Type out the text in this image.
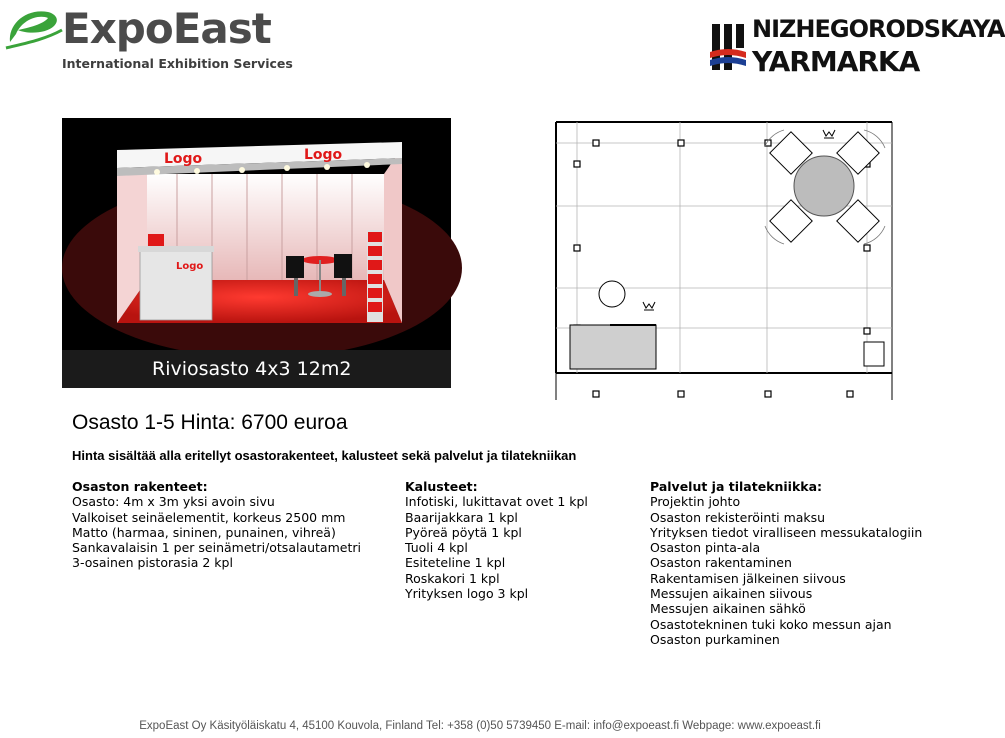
ExpoEast
International Exhibition Services
NIZHEGORODSKAYA
YARMARKA
Logo	Logo
Logo
Riviosasto 4x3 12m2
Osasto 1-5 Hinta: 6700 euroa
Hinta sisältää alla eritellyt osastorakenteet, kalusteet sekä palvelut ja tilatekniikan
Osaston rakenteet:
Osasto: 4m x 3m yksi avoin sivu
Valkoiset seinäelementit, korkeus 2500 mm
Matto (harmaa, sininen, punainen, vihreä)
Sankavalaisin 1 per seinämetri/otsalautametri
3-osainen pistorasia 2 kpl
Kalusteet:
Infotiski, lukittavat ovet 1 kpl
Baarijakkara 1 kpl
Pyöreä pöytä 1 kpl
Tuoli 4 kpl
Esiteteline 1 kpl
Roskakori 1 kpl
Yrityksen logo 3 kpl
Palvelut ja tilatekniikka:
Projektin johto
Osaston rekisteröinti maksu
Yrityksen tiedot viralliseen messukatalogiin
Osaston pinta-ala
Osaston rakentaminen
Rakentamisen jälkeinen siivous
Messujen aikainen siivous
Messujen aikainen sähkö
Osastotekninen tuki koko messun ajan
Osaston purkaminen
ExpoEast Oy Käsityöläiskatu 4, 45100 Kouvola, Finland Tel: +358 (0)50 5739450 E-mail: info@expoeast.fi Webpage: www.expoeast.fi
